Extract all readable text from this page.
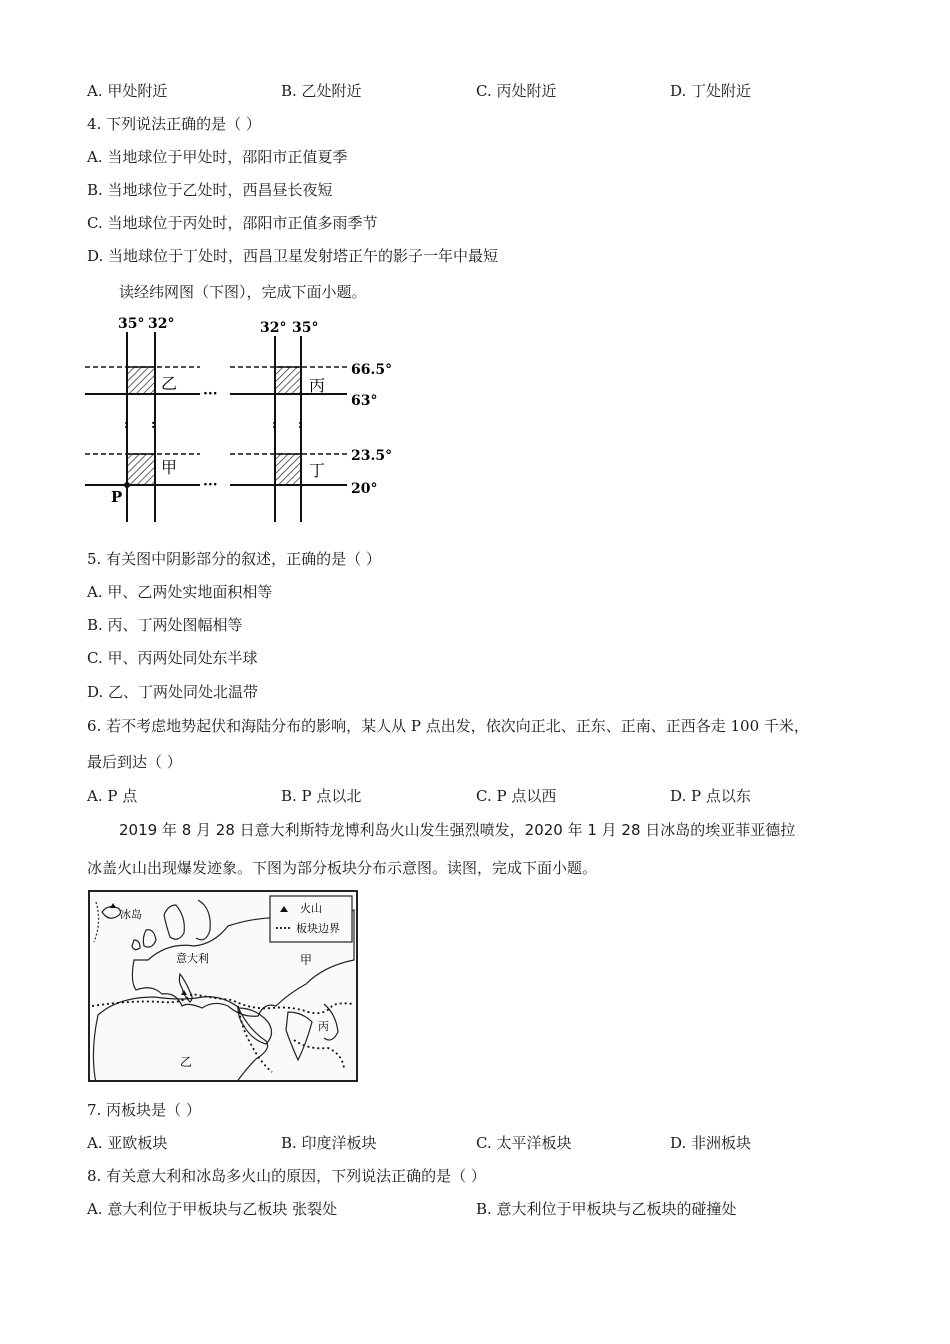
A. 甲处附近	B. 乙处附近	C. 丙处附近	D. 丁处附近
4. 下列说法正确的是（ ）
A. 当地球位于甲处时，邵阳市正值夏季
B. 当地球位于乙处时，西昌昼长夜短
C. 当地球位于丙处时，邵阳市正值多雨季节
D. 当地球位于丁处时，西昌卫星发射塔正午的影子一年中最短
读经纬网图（下图），完成下面小题。
35° 32°	32° 35°
···
···
: :	: :
乙	丙
甲	丁
66.5°
63°
23.5°
20°
P
5. 有关图中阴影部分的叙述，正确的是（ ）
A. 甲、乙两处实地面积相等
B. 丙、丁两处图幅相等
C. 甲、丙两处同处东半球
D. 乙、丁两处同处北温带
6. 若不考虑地势起伏和海陆分布的影响，某人从 P 点出发，依次向正北、正东、正南、正西各走 100 千米，
最后到达（ ）
A. P 点	B. P 点以北	C. P 点以西	D. P 点以东
2019 年 8 月 28 日意大利斯特龙博利岛火山发生强烈喷发，2020 年 1 月 28 日冰岛的埃亚菲亚德拉
冰盖火山出现爆发迹象。下图为部分板块分布示意图。读图，完成下面小题。
冰岛
意大利
火山
板块边界
甲
乙
丙
7. 丙板块是（ ）
A. 亚欧板块	B. 印度洋板块	C. 太平洋板块	D. 非洲板块
8. 有关意大利和冰岛多火山的原因，下列说法正确的是（ ）
A. 意大利位于甲板块与乙板块 张裂处	B. 意大利位于甲板块与乙板块的碰撞处
